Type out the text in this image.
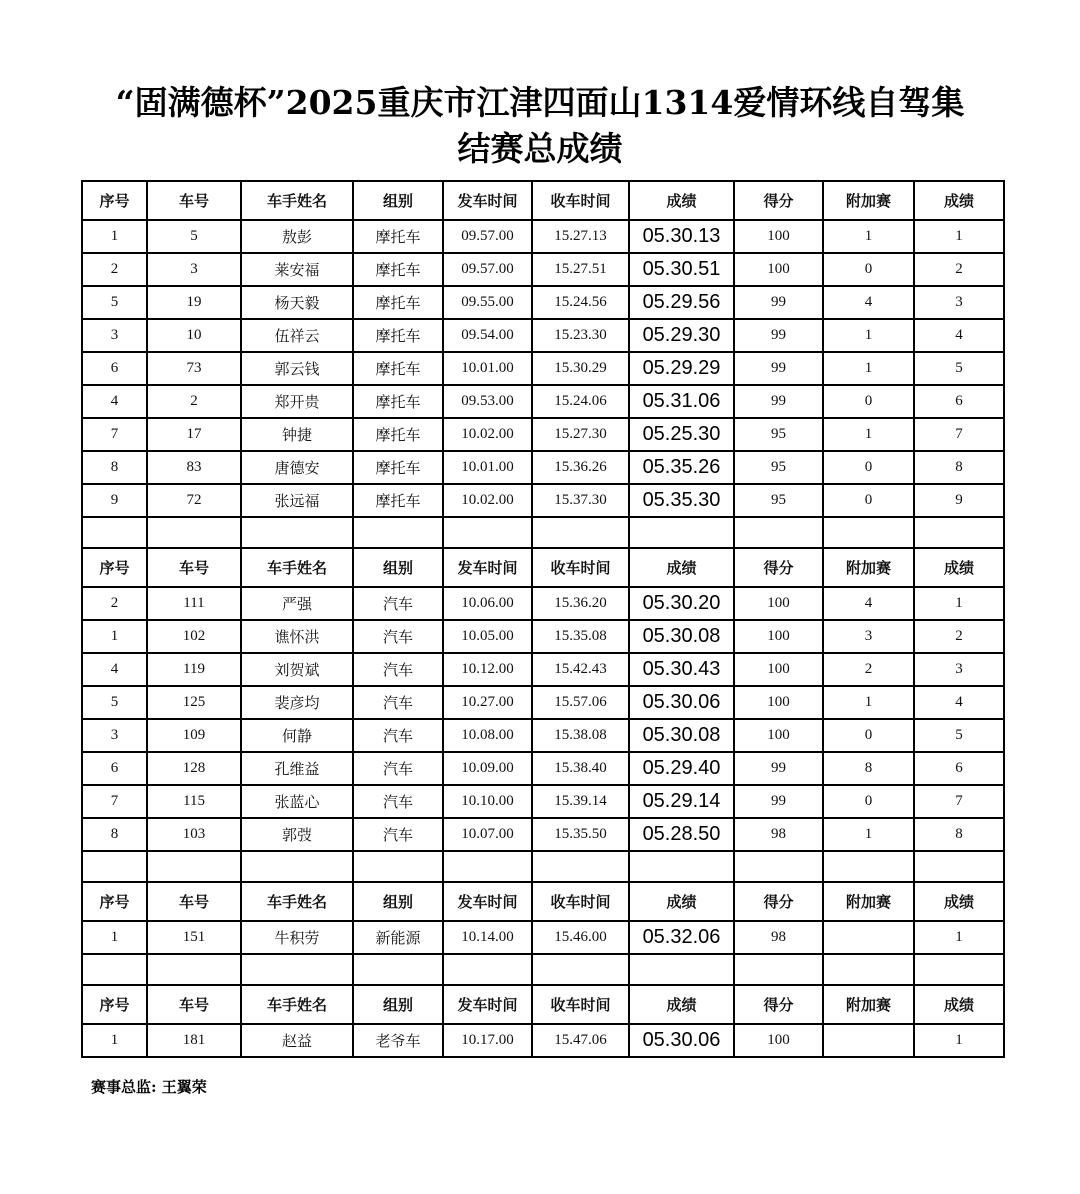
“固满德杯”2025重庆市江津四面山1314爱情环线自驾集
结赛总成绩
序号	车号	车手姓名	组别	发车时间	收车时间	成绩	得分	附加赛	成绩
1	5	敖彭	摩托车	09.57.00	15.27.13	05.30.13	100	1	1
2	3	莱安福	摩托车	09.57.00	15.27.51	05.30.51	100	0	2
5	19	杨天毅	摩托车	09.55.00	15.24.56	05.29.56	99	4	3
3	10	伍祥云	摩托车	09.54.00	15.23.30	05.29.30	99	1	4
6	73	郭云钱	摩托车	10.01.00	15.30.29	05.29.29	99	1	5
4	2	郑开贵	摩托车	09.53.00	15.24.06	05.31.06	99	0	6
7	17	钟捷	摩托车	10.02.00	15.27.30	05.25.30	95	1	7
8	83	唐德安	摩托车	10.01.00	15.36.26	05.35.26	95	0	8
9	72	张远福	摩托车	10.02.00	15.37.30	05.35.30	95	0	9

序号	车号	车手姓名	组别	发车时间	收车时间	成绩	得分	附加赛	成绩
2	111	严强	汽车	10.06.00	15.36.20	05.30.20	100	4	1
1	102	谯怀洪	汽车	10.05.00	15.35.08	05.30.08	100	3	2
4	119	刘贺斌	汽车	10.12.00	15.42.43	05.30.43	100	2	3
5	125	裴彦均	汽车	10.27.00	15.57.06	05.30.06	100	1	4
3	109	何静	汽车	10.08.00	15.38.08	05.30.08	100	0	5
6	128	孔维益	汽车	10.09.00	15.38.40	05.29.40	99	8	6
7	115	张蓝心	汽车	10.10.00	15.39.14	05.29.14	99	0	7
8	103	郭弢	汽车	10.07.00	15.35.50	05.28.50	98	1	8

序号	车号	车手姓名	组别	发车时间	收车时间	成绩	得分	附加赛	成绩
1	151	牛积劳	新能源	10.14.00	15.46.00	05.32.06	98		1

序号	车号	车手姓名	组别	发车时间	收车时间	成绩	得分	附加赛	成绩
1	181	赵益	老爷车	10.17.00	15.47.06	05.30.06	100		1
赛事总监: 王翼荣
